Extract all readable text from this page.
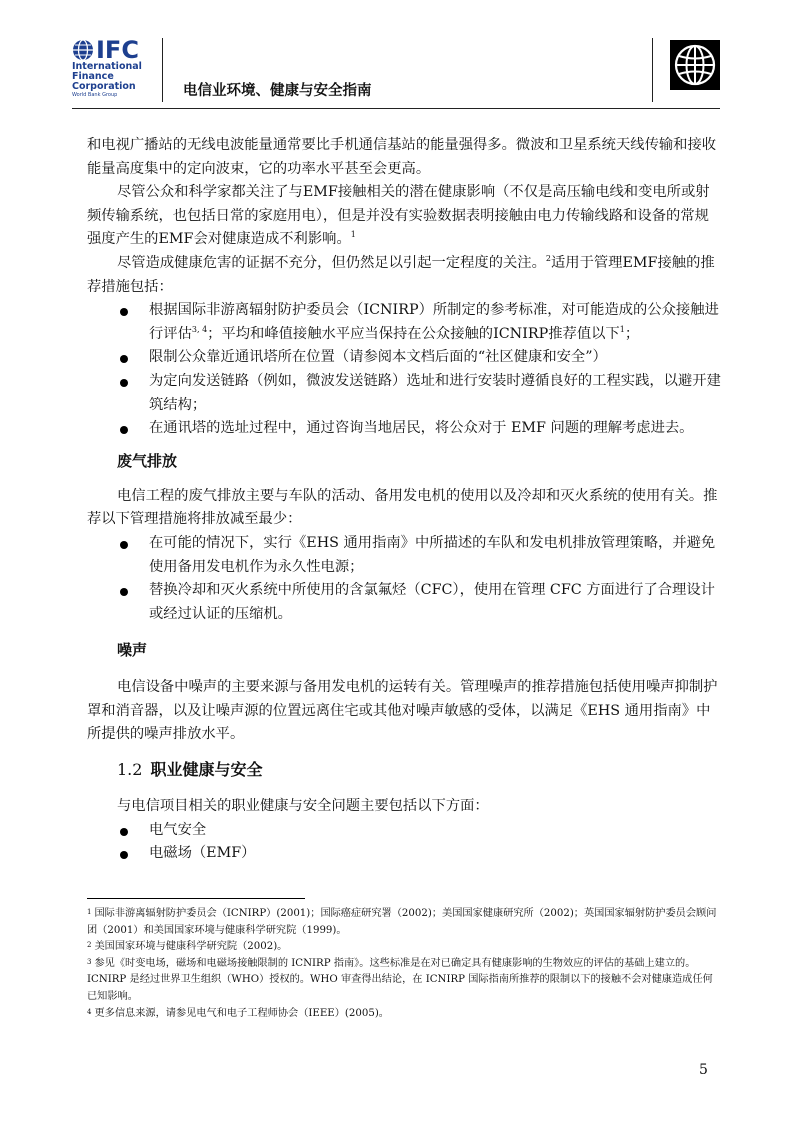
IFC
International
Finance
Corporation
World Bank Group	电信业环境、健康与安全指南

和电视广播站的无线电波能量通常要比手机通信基站的能量强得多。微波和卫星系统天线传输和接收能量高度集中的定向波束，它的功率水平甚至会更高。

尽管公众和科学家都关注了与EMF接触相关的潜在健康影响（不仅是高压输电线和变电所或射频传输系统，也包括日常的家庭用电），但是并没有实验数据表明接触由电力传输线路和设备的常规强度产生的EMF会对健康造成不利影响。$^1$

尽管造成健康危害的证据不充分，但仍然足以引起一定程度的关注。$^2$适用于管理EMF接触的推荐措施包括：

根据国际非游离辐射防护委员会（ICNIRP）所制定的参考标准，对可能造成的公众接触进行评估$^{3, 4}$；平均和峰值接触水平应当保持在公众接触的ICNIRP推荐值以下$^1$；
限制公众靠近通讯塔所在位置（请参阅本文档后面的“社区健康和安全”）
为定向发送链路（例如，微波发送链路）选址和进行安装时遵循良好的工程实践，以避开建筑结构；
在通讯塔的选址过程中，通过咨询当地居民，将公众对于 EMF 问题的理解考虑进去。
废气排放

电信工程的废气排放主要与车队的活动、备用发电机的使用以及冷却和灭火系统的使用有关。推荐以下管理措施将排放减至最少：

在可能的情况下，实行《EHS 通用指南》中所描述的车队和发电机排放管理策略，并避免使用备用发电机作为永久性电源；
替换冷却和灭火系统中所使用的含氯氟烃（CFC），使用在管理 CFC 方面进行了合理设计或经过认证的压缩机。
噪声

电信设备中噪声的主要来源与备用发电机的运转有关。管理噪声的推荐措施包括使用噪声抑制护罩和消音器，以及让噪声源的位置远离住宅或其他对噪声敏感的受体，以满足《EHS 通用指南》中所提供的噪声排放水平。

1.2 职业健康与安全

与电信项目相关的职业健康与安全问题主要包括以下方面：

电气安全
电磁场（EMF）

$^1$ 国际非游离辐射防护委员会（ICNIRP）(2001)；国际癌症研究署（2002)；美国国家健康研究所（2002)；英国国家辐射防护委员会顾问团（2001）和美国国家环境与健康科学研究院（1999)。

$^2$ 美国国家环境与健康科学研究院（2002)。

$^3$ 参见《时变电场，磁场和电磁场接触限制的 ICNIRP 指南》。这些标准是在对已确定具有健康影响的生物效应的评估的基础上建立的。ICNIRP 是经过世界卫生组织（WHO）授权的。WHO 审查得出结论，在 ICNIRP 国际指南所推荐的限制以下的接触不会对健康造成任何已知影响。

$^4$ 更多信息来源，请参见电气和电子工程师协会（IEEE）(2005)。

5
